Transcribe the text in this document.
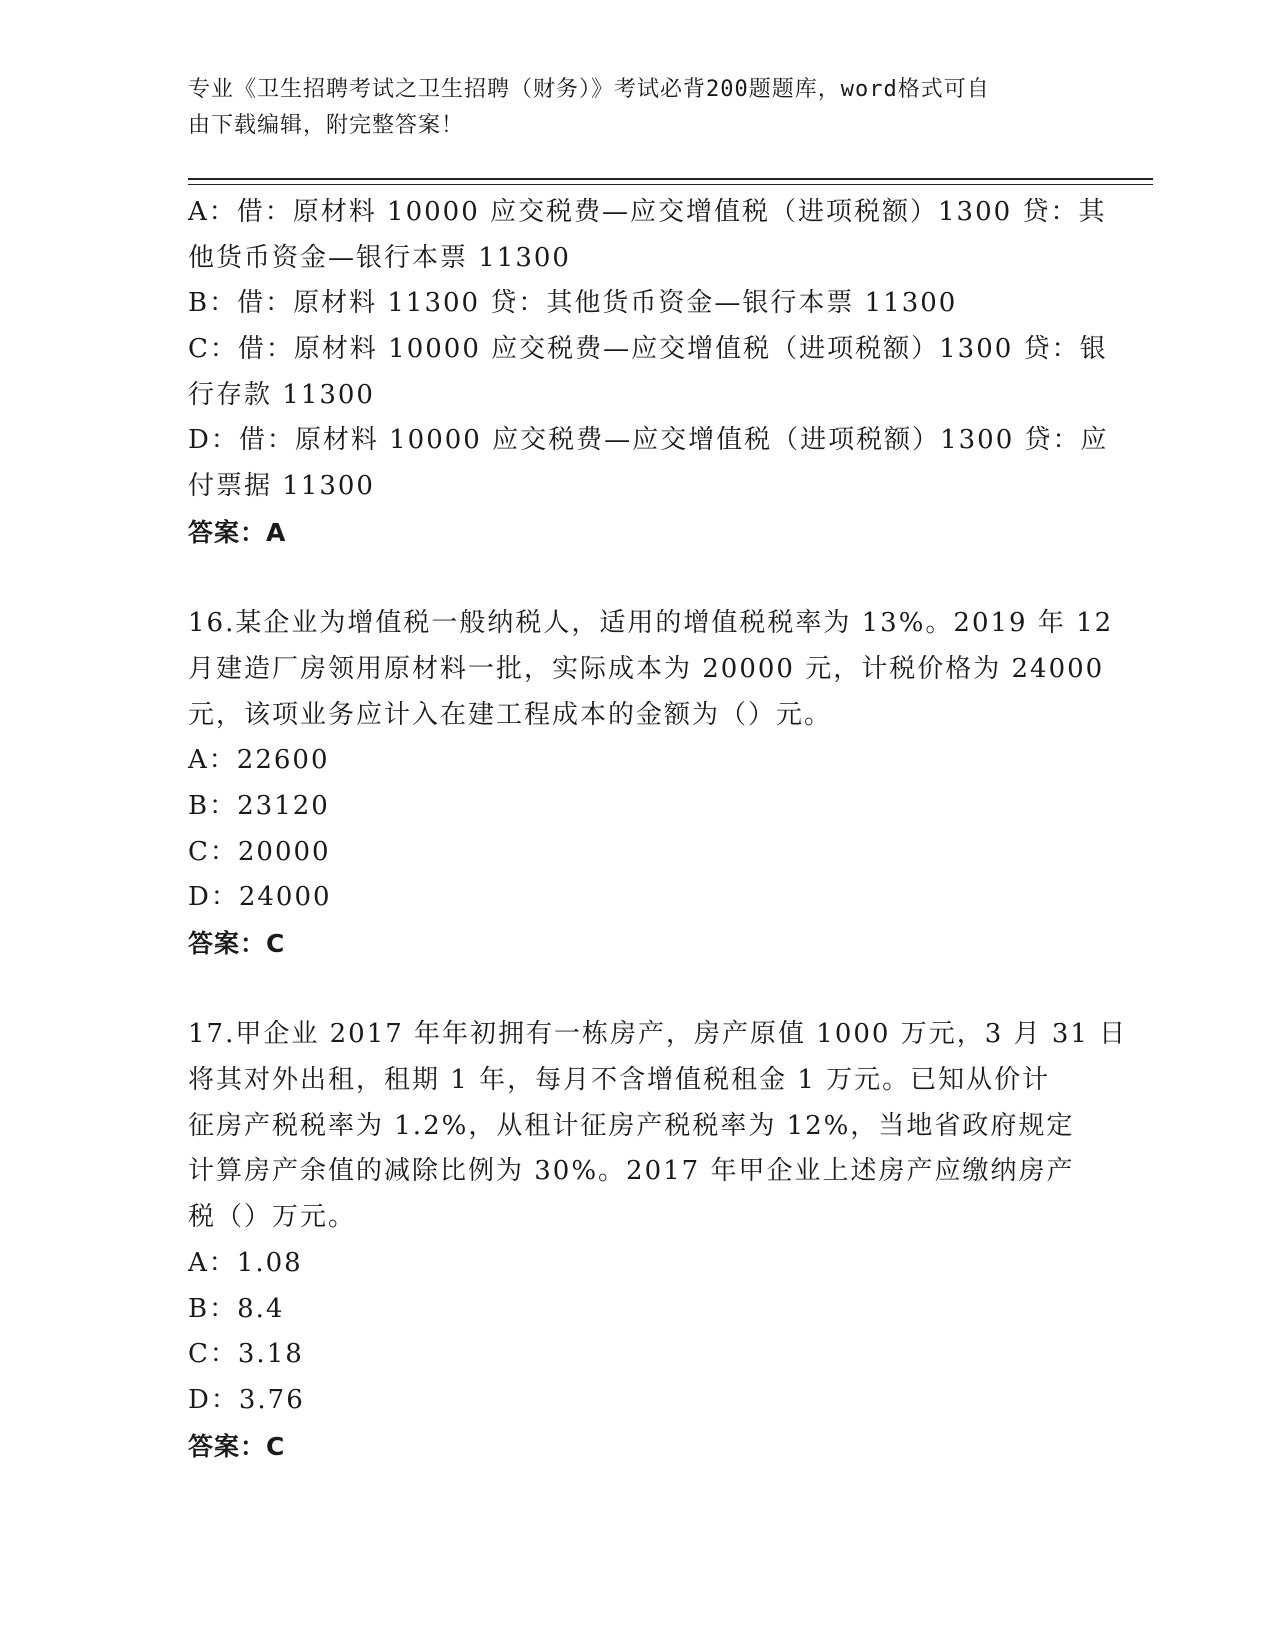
专业《卫生招聘考试之卫生招聘（财务）》考试必背200题题库，word格式可自
由下载编辑，附完整答案！
A：借：原材料 10000 应交税费—应交增值税（进项税额）1300 贷：其
他货币资金—银行本票 11300
B：借：原材料 11300 贷：其他货币资金—银行本票 11300
C：借：原材料 10000 应交税费—应交增值税（进项税额）1300 贷：银
行存款 11300
D：借：原材料 10000 应交税费—应交增值税（进项税额）1300 贷：应
付票据 11300
答案：A
16.某企业为增值税一般纳税人，适用的增值税税率为 13%。2019 年 12
月建造厂房领用原材料一批，实际成本为 20000 元，计税价格为 24000
元，该项业务应计入在建工程成本的金额为（）元。
A：22600
B：23120
C：20000
D：24000
答案：C
17.甲企业 2017 年年初拥有一栋房产，房产原值 1000 万元，3 月 31 日
将其对外出租，租期 1 年，每月不含增值税租金 1 万元。已知从价计
征房产税税率为 1.2%，从租计征房产税税率为 12%，当地省政府规定
计算房产余值的减除比例为 30%。2017 年甲企业上述房产应缴纳房产
税（）万元。
A：1.08
B：8.4
C：3.18
D：3.76
答案：C
